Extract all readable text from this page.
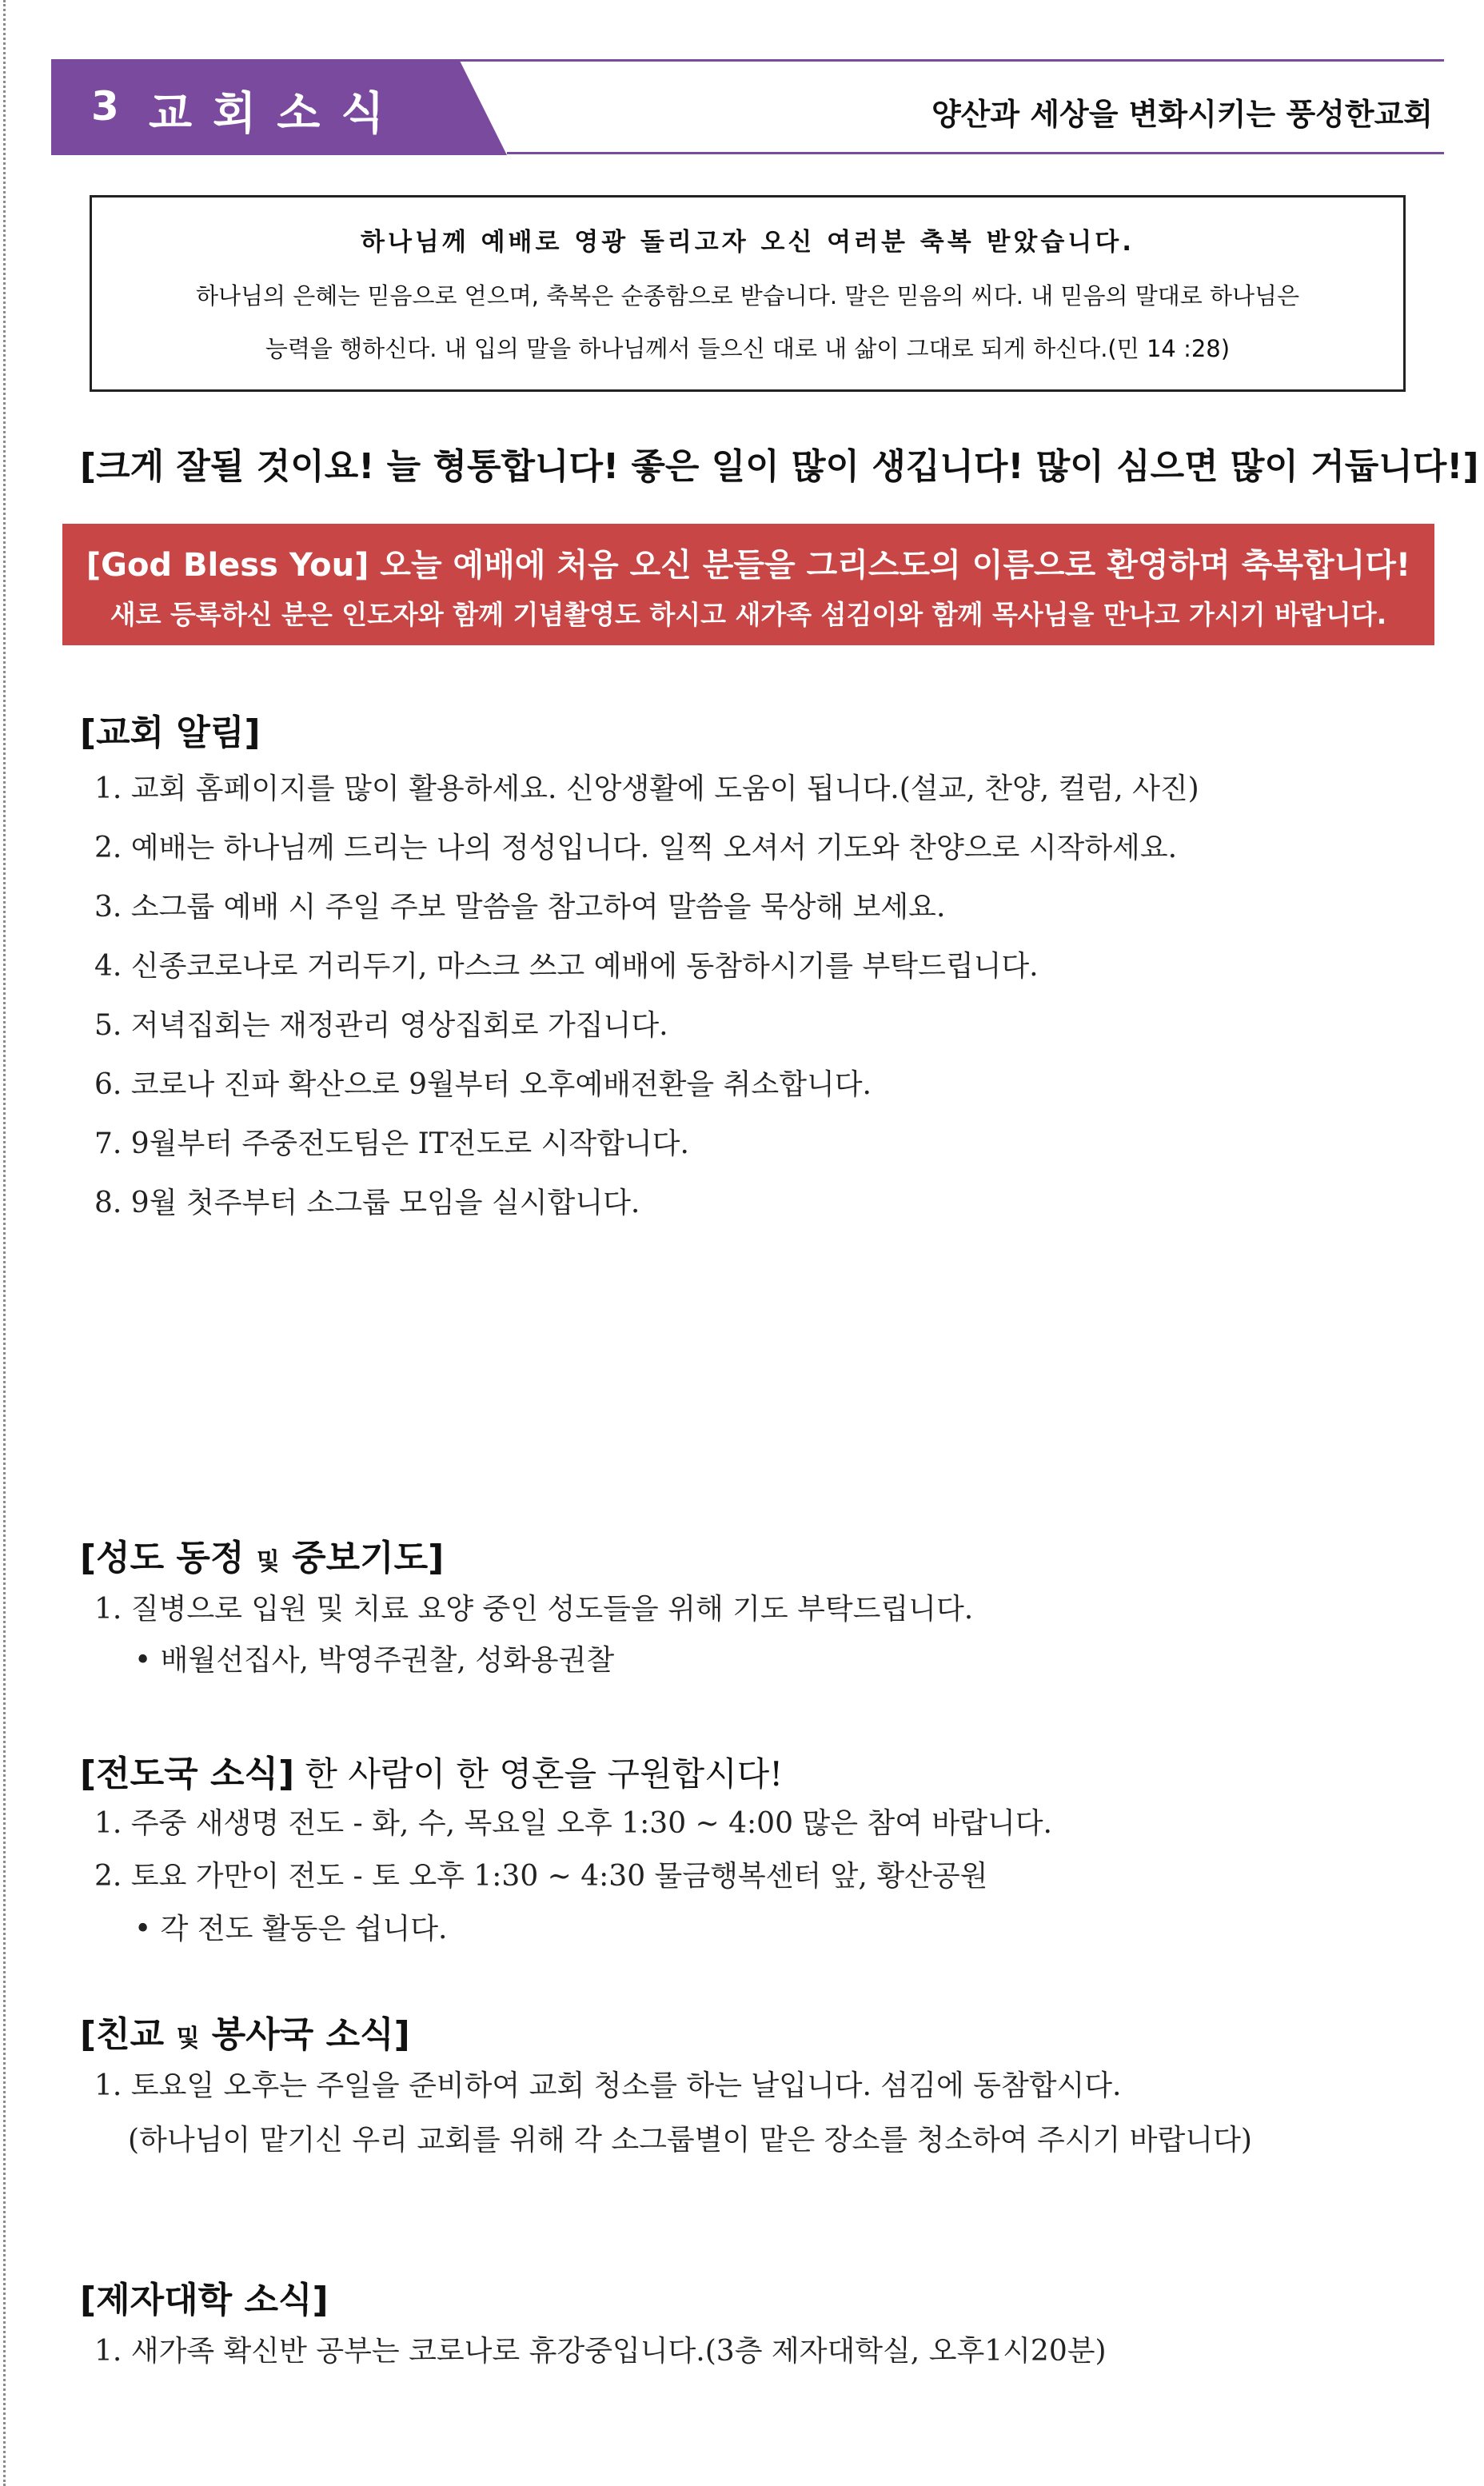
3 교회소식	양산과 세상을 변화시키는 풍성한교회
하나님께 예배로 영광 돌리고자 오신 여러분 축복 받았습니다.
하나님의 은혜는 믿음으로 얻으며, 축복은 순종함으로 받습니다. 말은 믿음의 씨다. 내 믿음의 말대로 하나님은
능력을 행하신다. 내 입의 말을 하나님께서 들으신 대로 내 삶이 그대로 되게 하신다.(민 14 :28)
[크게 잘될 것이요! 늘 형통합니다! 좋은 일이 많이 생깁니다! 많이 심으면 많이 거둡니다!]
[God Bless You] 오늘 예배에 처음 오신 분들을 그리스도의 이름으로 환영하며 축복합니다!
새로 등록하신 분은 인도자와 함께 기념촬영도 하시고 새가족 섬김이와 함께 목사님을 만나고 가시기 바랍니다.
[교회 알림]
1. 교회 홈페이지를 많이 활용하세요. 신앙생활에 도움이 됩니다.(설교, 찬양, 컬럼, 사진)
2. 예배는 하나님께 드리는 나의 정성입니다. 일찍 오셔서 기도와 찬양으로 시작하세요.
3. 소그룹 예배 시 주일 주보 말씀을 참고하여 말씀을 묵상해 보세요.
4. 신종코로나로 거리두기, 마스크 쓰고 예배에 동참하시기를 부탁드립니다.
5. 저녁집회는 재정관리 영상집회로 가집니다.
6. 코로나 진파 확산으로 9월부터 오후예배전환을 취소합니다.
7. 9월부터 주중전도팀은 IT전도로 시작합니다.
8. 9월 첫주부터 소그룹 모임을 실시합니다.
[성도 동정 및 중보기도]
1. 질병으로 입원 및 치료 요양 중인 성도들을 위해 기도 부탁드립니다.
• 배월선집사, 박영주권찰, 성화용권찰
[전도국 소식] 한 사람이 한 영혼을 구원합시다!
1. 주중 새생명 전도 - 화, 수, 목요일 오후 1:30 ~ 4:00 많은 참여 바랍니다.
2. 토요 가만이 전도 - 토 오후 1:30 ~ 4:30 물금행복센터 앞, 황산공원
• 각 전도 활동은 쉽니다.
[친교 및 봉사국 소식]
1. 토요일 오후는 주일을 준비하여 교회 청소를 하는 날입니다. 섬김에 동참합시다.
(하나님이 맡기신 우리 교회를 위해 각 소그룹별이 맡은 장소를 청소하여 주시기 바랍니다)
[제자대학 소식]
1. 새가족 확신반 공부는 코로나로 휴강중입니다.(3층 제자대학실, 오후1시20분)
